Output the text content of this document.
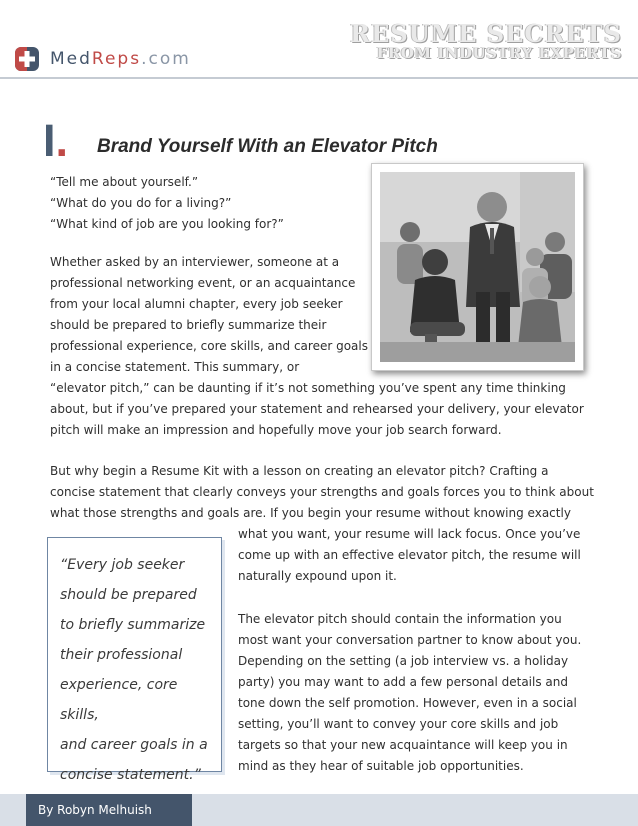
MedReps.com
RESUME SECRETS
FROM INDUSTRY EXPERTS
I. Brand Yourself With an Elevator Pitch
“Tell me about yourself.”
“What do you do for a living?”
“What kind of job are you looking for?”
Whether asked by an interviewer, someone at a
professional networking event, or an acquaintance
from your local alumni chapter, every job seeker
should be prepared to briefly summarize their
professional experience, core skills, and career goals
in a concise statement. This summary, or
“elevator pitch,” can be daunting if it’s not something you’ve spent any time thinking
about, but if you’ve prepared your statement and rehearsed your delivery, your elevator
pitch will make an impression and hopefully move your job search forward.
But why begin a Resume Kit with a lesson on creating an elevator pitch? Crafting a
concise statement that clearly conveys your strengths and goals forces you to think about
what those strengths and goals are. If you begin your resume without knowing exactly
what you want, your resume will lack focus. Once you’ve
come up with an effective elevator pitch, the resume will
naturally expound upon it.
The elevator pitch should contain the information you
most want your conversation partner to know about you.
Depending on the setting (a job interview vs. a holiday
party) you may want to add a few personal details and
tone down the self promotion. However, even in a social
setting, you’ll want to convey your core skills and job
targets so that your new acquaintance will keep you in
mind as they hear of suitable job opportunities.
“Every job seeker
should be prepared
to briefly summarize
their professional
experience, core skills,
and career goals in a
concise statement.”
By Robyn Melhuish
